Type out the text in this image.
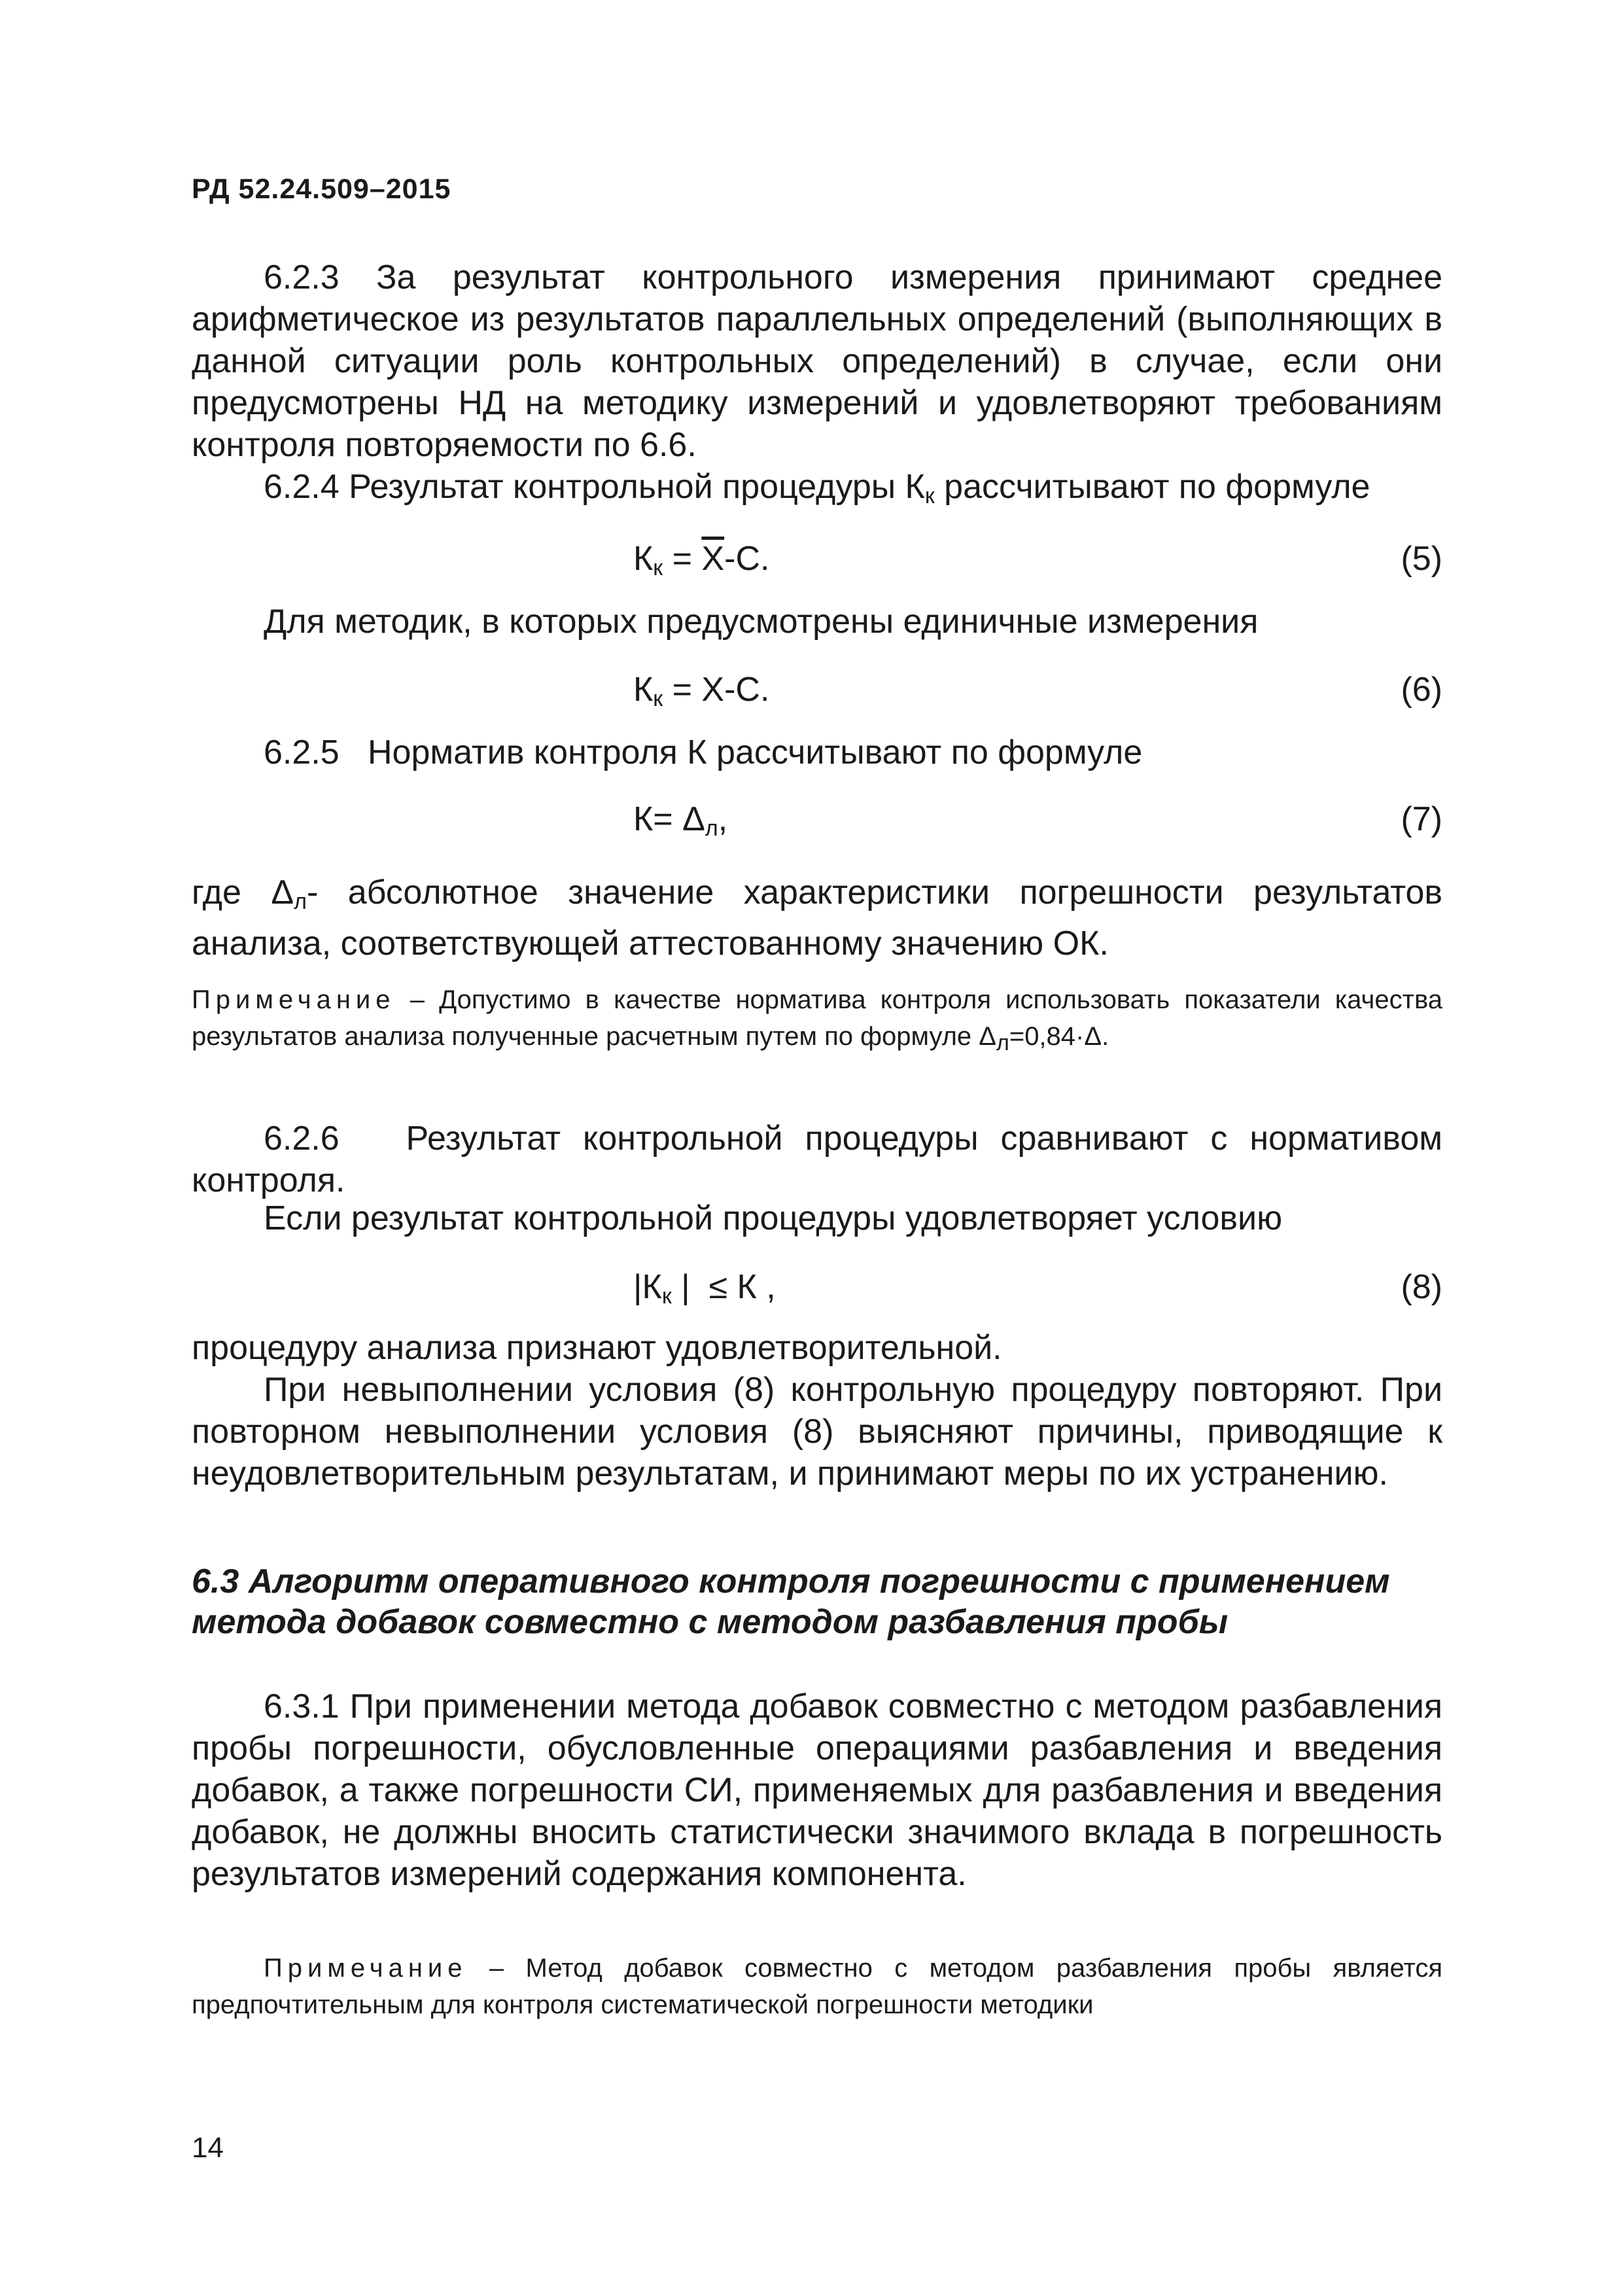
РД 52.24.509–2015
6.2.3 За результат контрольного измерения принимают среднее арифметическое из результатов параллельных определений (выполняющих в данной ситуации роль контрольных определений) в случае, если они предусмотрены НД на методику измерений и удовлетворяют требованиям контроля повторяемости по 6.6.
6.2.4 Результат контрольной процедуры $К_к$ рассчитывают по формуле
$К_к = \overline{X}-С$.	(5)
Для методик, в которых предусмотрены единичные измерения
$К_к = X-С$.	(6)
6.2.5   Норматив контроля К рассчитывают по формуле
$К= \Delta_л$,	(7)
где $\Delta_л-$ абсолютное значение характеристики погрешности результатов анализа, соответствующей аттестованному значению ОК.
Примечание – Допустимо в качестве норматива контроля использовать показатели качества результатов анализа полученные расчетным путем по формуле $\Delta_л=0,84\cdot\Delta$.
6.2.6   Результат контрольной процедуры сравнивают с нормативом контроля.
Если результат контрольной процедуры удовлетворяет условию
$|К_к$ |  ≤ К ,	(8)
процедуру анализа признают удовлетворительной.
При невыполнении условия (8) контрольную процедуру повторяют. При повторном невыполнении условия (8) выясняют причины, приводящие к неудовлетворительным результатам, и принимают меры по их устранению.
6.3 Алгоритм оперативного контроля погрешности с применением метода добавок совместно с методом разбавления пробы
6.3.1 При применении метода добавок совместно с методом разбавления пробы погрешности, обусловленные операциями разбавления и введения добавок, а также погрешности СИ, применяемых для разбавления и введения добавок, не должны вносить статистически значимого вклада в погрешность результатов измерений содержания компонента.
Примечание – Метод добавок совместно с методом разбавления пробы является предпочтительным для контроля систематической погрешности методики
14
